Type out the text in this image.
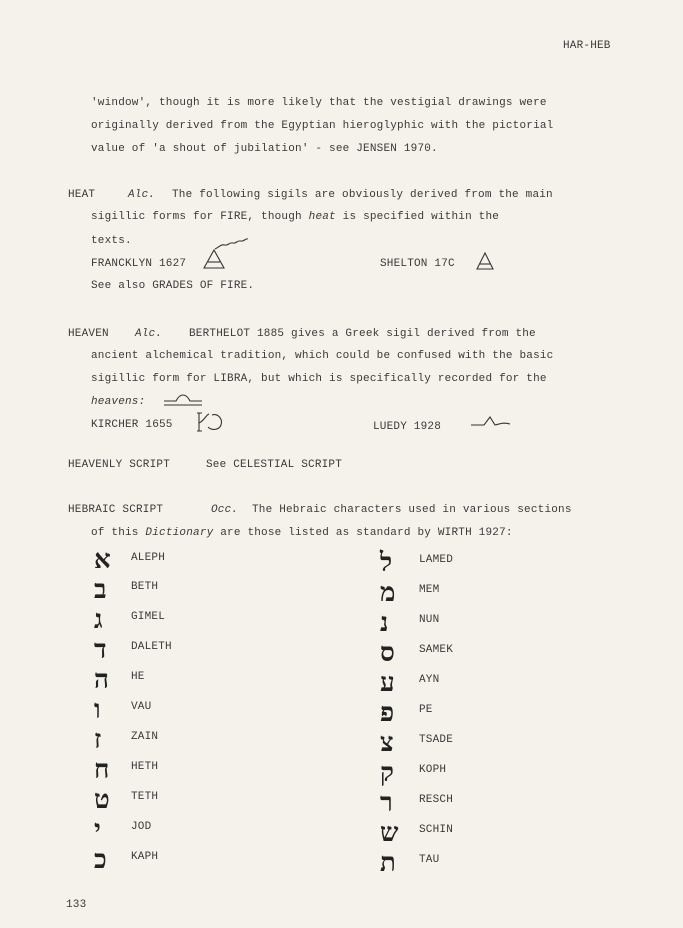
HAR-HEB
'window', though it is more likely that the vestigial drawings were
originally derived from the Egyptian hieroglyphic with the pictorial
value of 'a shout of jubilation' - see JENSEN 1970.
HEAT	Alc. The following sigils are obviously derived from the main
sigillic forms for FIRE, though heat is specified within the
texts.
FRANCKLYN 1627	SHELTON 17C
See also GRADES OF FIRE.
HEAVEN Alc. BERTHELOT 1885 gives a Greek sigil derived from the
ancient alchemical tradition, which could be confused with the basic
sigillic form for LIBRA, but which is specifically recorded for the
heavens:
KIRCHER 1655	LUEDY 1928
HEAVENLY SCRIPT	See CELESTIAL SCRIPT
HEBRAIC SCRIPT	Occ. The Hebraic characters used in various sections
of this Dictionary are those listed as standard by WIRTH 1927:
א ALEPH
ב BETH
ג	GIMEL
ד DALETH
ה HE
ו	VAU
ז	ZAIN
ח HETH
ט TETH
י	JOD
כ KAPH
ל LAMED
מ MEM
נ	NUN
ס SAMEK
ע AYN
פ PE
צ TSADE
ק KOPH
ר RESCH
ש SCHIN
ת TAU
133
